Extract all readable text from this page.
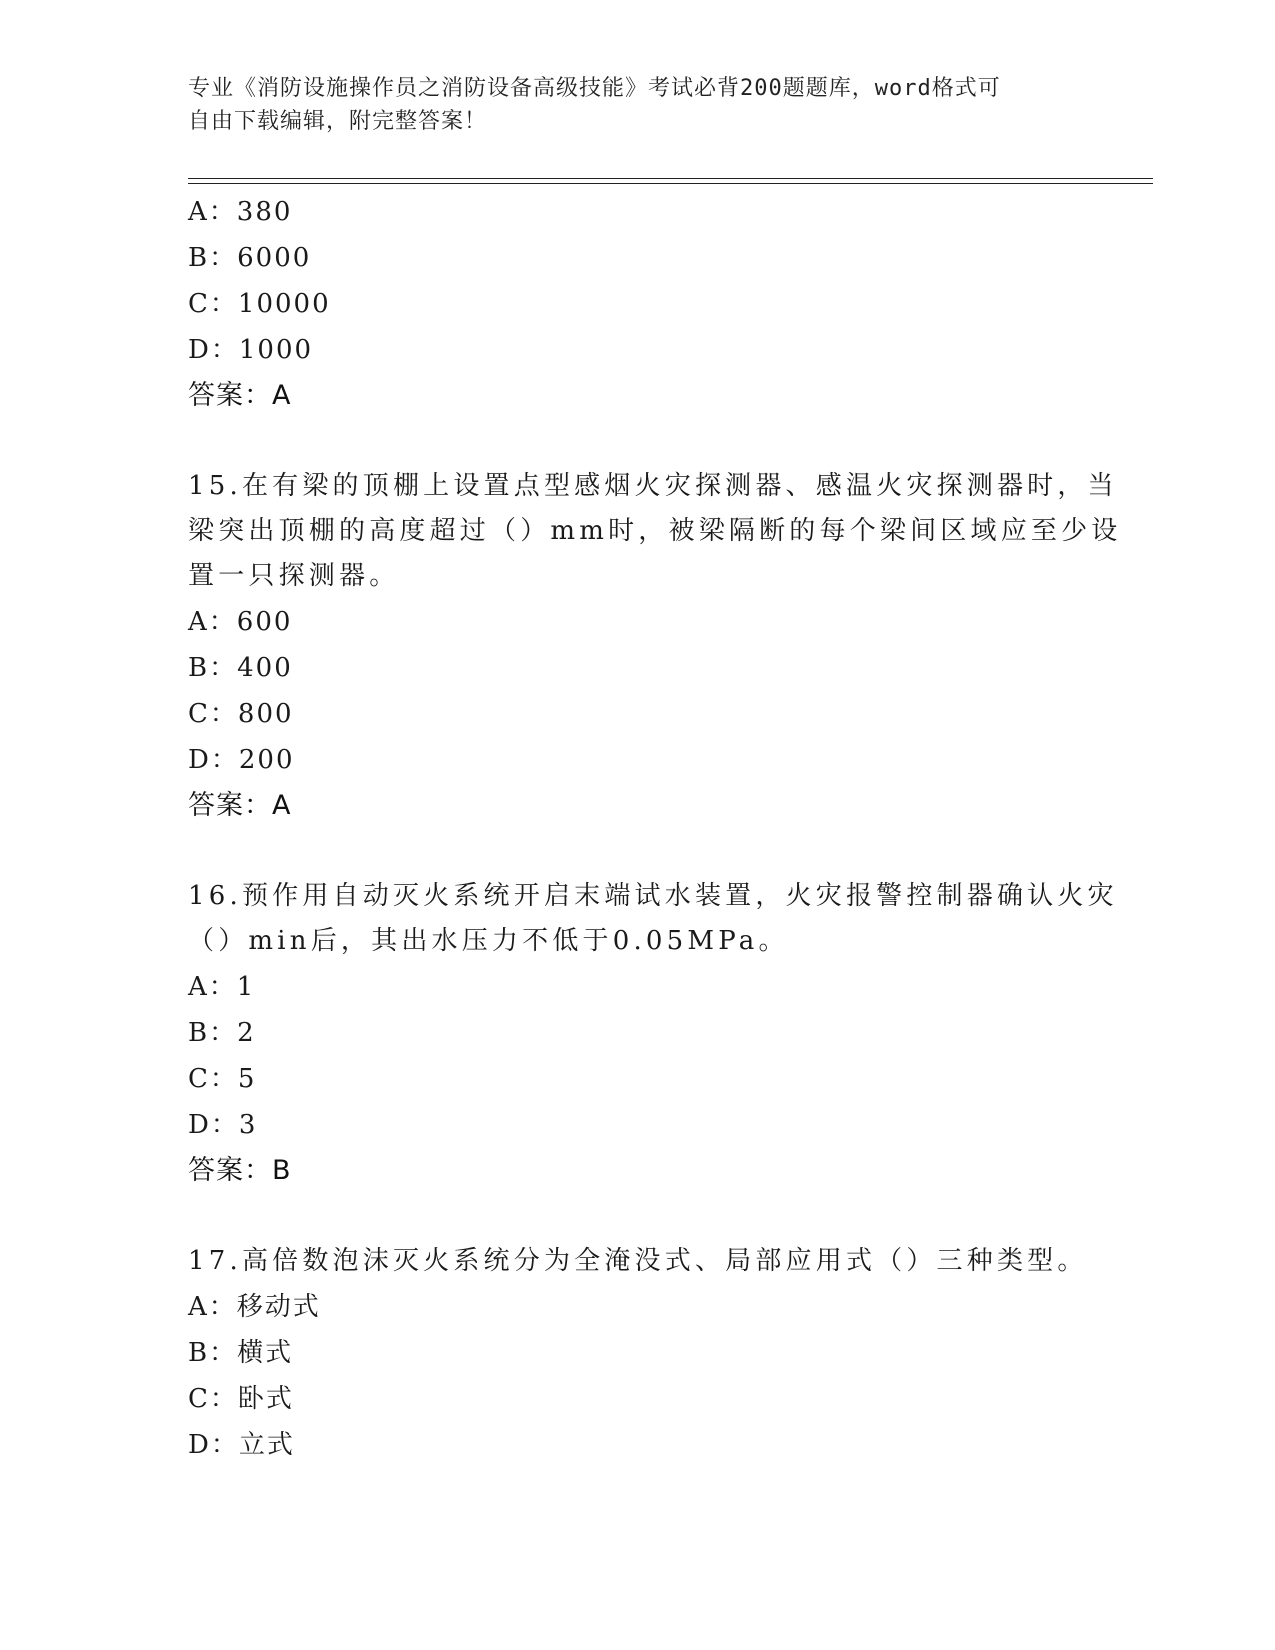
专业《消防设施操作员之消防设备高级技能》考试必背200题题库，word格式可
自由下载编辑，附完整答案！
A：380
B：6000
C：10000
D：1000
答案：A
15.在有梁的顶棚上设置点型感烟火灾探测器、感温火灾探测器时，当
梁突出顶棚的高度超过（）mm时，被梁隔断的每个梁间区域应至少设
置一只探测器。
A：600
B：400
C：800
D：200
答案：A
16.预作用自动灭火系统开启末端试水装置，火灾报警控制器确认火灾
（）min后，其出水压力不低于0.05MPa。
A：1
B：2
C：5
D：3
答案：B
17.高倍数泡沫灭火系统分为全淹没式、局部应用式（）三种类型。
A：移动式
B：横式
C：卧式
D：立式
